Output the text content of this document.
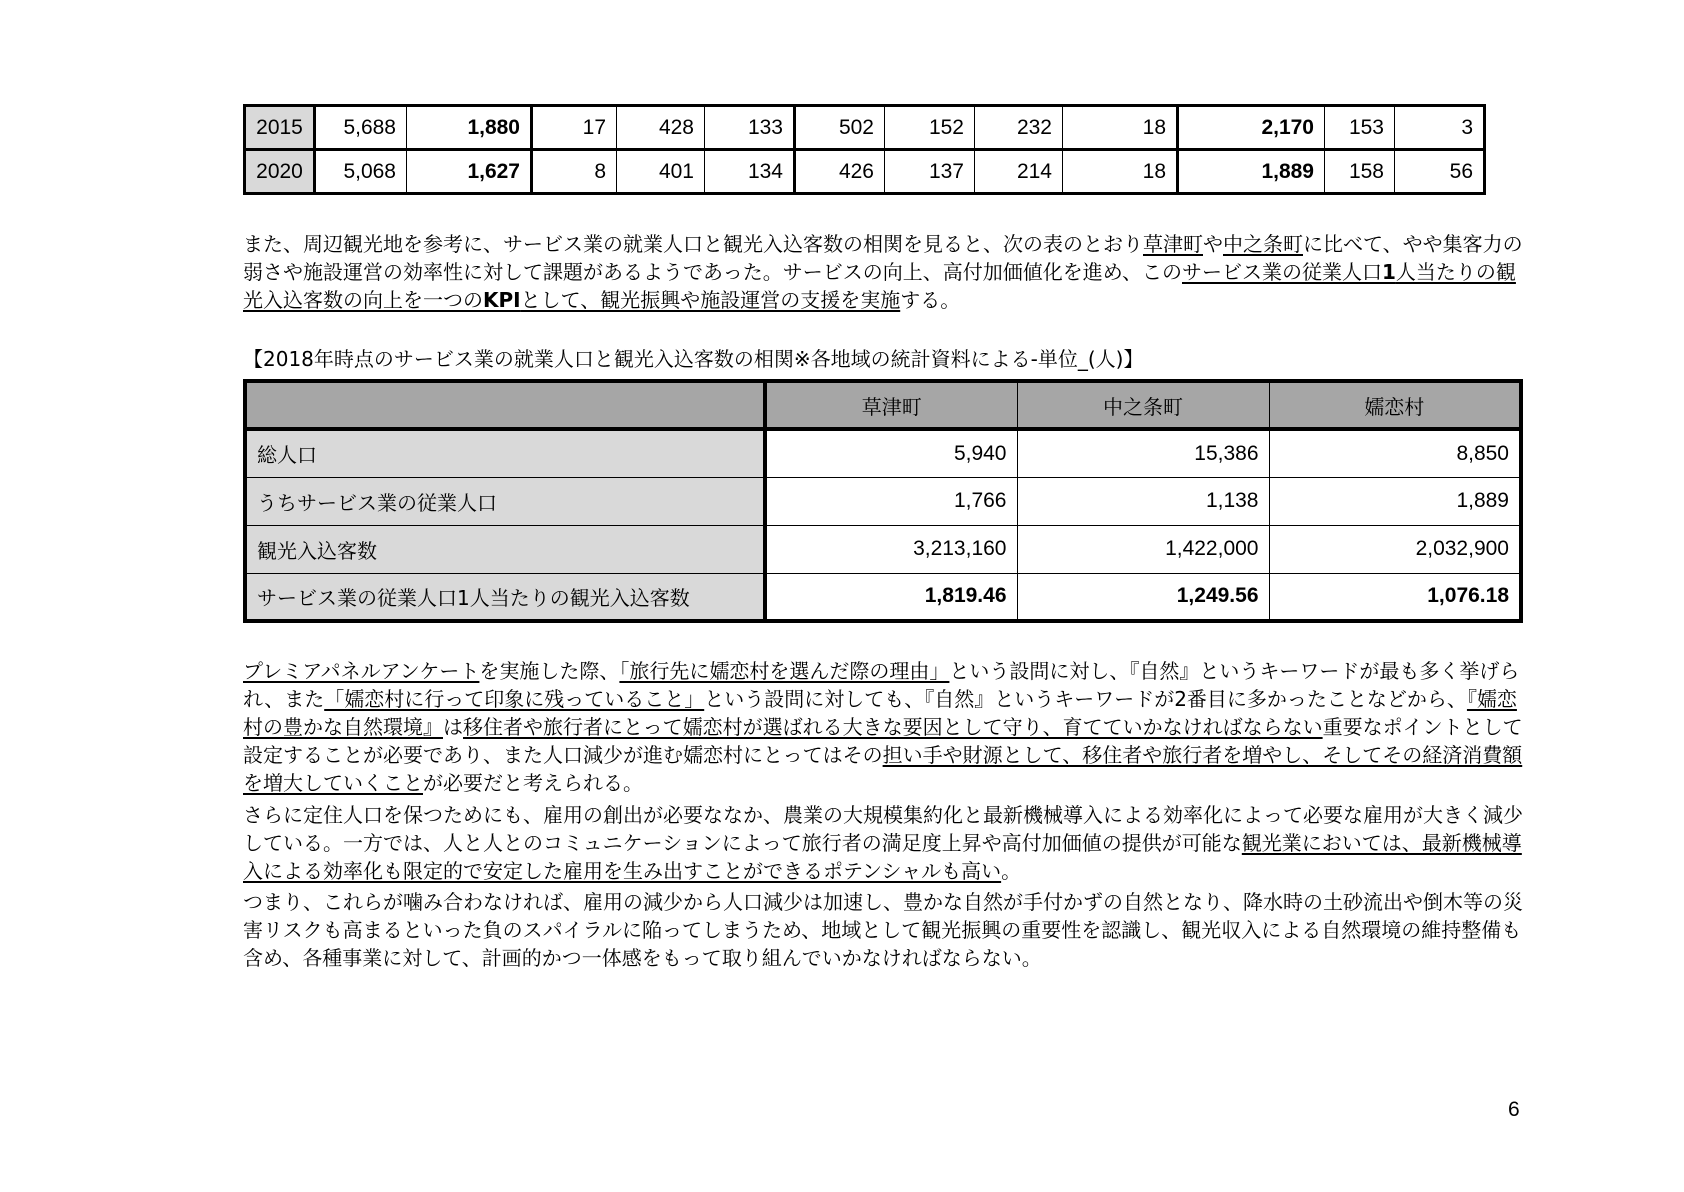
2015	5,688	1,880	17	428	133	502	152	232	18	2,170	153	3
2020	5,068	1,627	8	401	134	426	137	214	18	1,889	158	56

また、周辺観光地を参考に、サービス業の就業人口と観光入込客数の相関を見ると、次の表のとおり草津町や中之条町に比べて、やや集客力の弱さや施設運営の効率性に対して課題があるようであった。サービスの向上、高付加価値化を進め、このサービス業の従業人口1人当たりの観光入込客数の向上を一つのKPIとして、観光振興や施設運営の支援を実施する。

【2018年時点のサービス業の就業人口と観光入込客数の相関※各地域の統計資料による-単位_(人)】
	草津町	中之条町	嬬恋村
総人口	5,940	15,386	8,850
うちサービス業の従業人口	1,766	1,138	1,889
観光入込客数	3,213,160	1,422,000	2,032,900
サービス業の従業人口1人当たりの観光入込客数	1,819.46	1,249.56	1,076.18

プレミアパネルアンケートを実施した際、「旅行先に嬬恋村を選んだ際の理由」という設問に対し、『自然』というキーワードが最も多く挙げられ、また「嬬恋村に行って印象に残っていること」という設問に対しても、『自然』というキーワードが2番目に多かったことなどから、『嬬恋村の豊かな自然環境』は移住者や旅行者にとって嬬恋村が選ばれる大きな要因として守り、育てていかなければならない重要なポイントとして設定することが必要であり、また人口減少が進む嬬恋村にとってはその担い手や財源として、移住者や旅行者を増やし、そしてその経済消費額を増大していくことが必要だと考えられる。

さらに定住人口を保つためにも、雇用の創出が必要ななか、農業の大規模集約化と最新機械導入による効率化によって必要な雇用が大きく減少している。一方では、人と人とのコミュニケーションによって旅行者の満足度上昇や高付加価値の提供が可能な観光業においては、最新機械導入による効率化も限定的で安定した雇用を生み出すことができるポテンシャルも高い。

つまり、これらが噛み合わなければ、雇用の減少から人口減少は加速し、豊かな自然が手付かずの自然となり、降水時の土砂流出や倒木等の災害リスクも高まるといった負のスパイラルに陥ってしまうため、地域として観光振興の重要性を認識し、観光収入による自然環境の維持整備も含め、各種事業に対して、計画的かつ一体感をもって取り組んでいかなければならない。

6
